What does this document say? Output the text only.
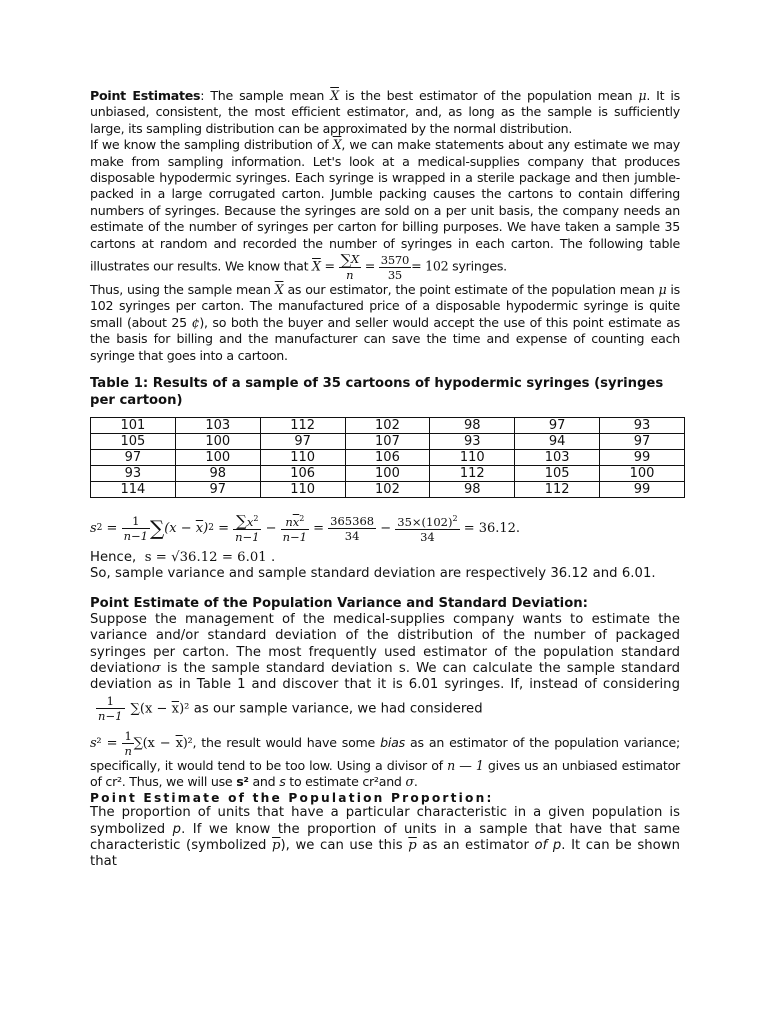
Point Estimates: The sample mean $\overline{X}$ is the best estimator of the population mean μ. It is unbiased, consistent, the most efficient estimator, and, as long as the sample is sufficiently large, its sampling distribution can be approximated by the normal distribution.

If we know the sampling distribution of $\overline{X}$, we can make statements about any estimate we may make from sampling information. Let's look at a medical-supplies company that produces disposable hypodermic syringes. Each syringe is wrapped in a sterile package and then jumble-packed in a large corrugated carton. Jumble packing causes the cartons to contain differing numbers of syringes. Because the syringes are sold on a per unit basis, the company needs an estimate of the number of syringes per carton for billing purposes. We have taken a sample 35 cartons at random and recorded the number of syringes in each carton. The following table illustrates our results. We know that $\overline{X} = \frac{\sum X}{n} = \frac{3570}{35} = 102$ syringes.

Thus, using the sample mean $\overline{X}$ as our estimator, the point estimate of the population mean μ is 102 syringes per carton. The manufactured price of a disposable hypodermic syringe is quite small (about 25 ¢), so both the buyer and seller would accept the use of this point estimate as the basis for billing and the manufacturer can save the time and expense of counting each syringe that goes into a cartoon.

Table 1: Results of a sample of 35 cartoons of hypodermic syringes (syringes per cartoon)

101	103	112	102	98	97	93
105	100	97	107	93	94	97
97	100	110	106	110	103	99
93	98	106	100	112	105	100
114	97	110	102	98	112	99
s $2 = \frac{1}{n-1}$ ∑ $(x - \overline{x})$ $2 = \frac{\sum x^2}{n-1} - \frac{n\overline{x}^2}{n-1} = \frac{365368}{34} - \frac{35\times(102)^2}{34}$
= 36.12.

Hence, s = √36.12 = 6.01 .

So, sample variance and sample standard deviation are respectively 36.12 and 6.01.

Point Estimate of the Population Variance and Standard Deviation:

Suppose the management of the medical-supplies company wants to estimate the variance and/or standard deviation of the distribution of the number of packaged syringes per carton. The most frequently used estimator of the population standard deviationσ is the sample standard deviation s. We can calculate the sample standard deviation as in Table 1 and discover that it is 6.01 syringes. If, instead of considering
$\frac{1}{n-1} \sum(x - \overline{x})^2$ as our sample variance, we had considered

$s^2 = \frac{1}{n} \sum(x - \overline{x})^2$, the result would have some bias as an estimator of the population variance; specifically, it would tend to be too low. Using a divisor of n — 1 gives us an unbiased estimator of cr². Thus, we will use s² and s to estimate cr²and σ.

Point Estimate of the Population Proportion:

The proportion of units that have a particular characteristic in a given population is symbolized p. If we know the proportion of units in a sample that have that same characteristic (symbolized $\overline{p}$), we can use this $\overline{p}$ as an estimator of p. It can be shown that
